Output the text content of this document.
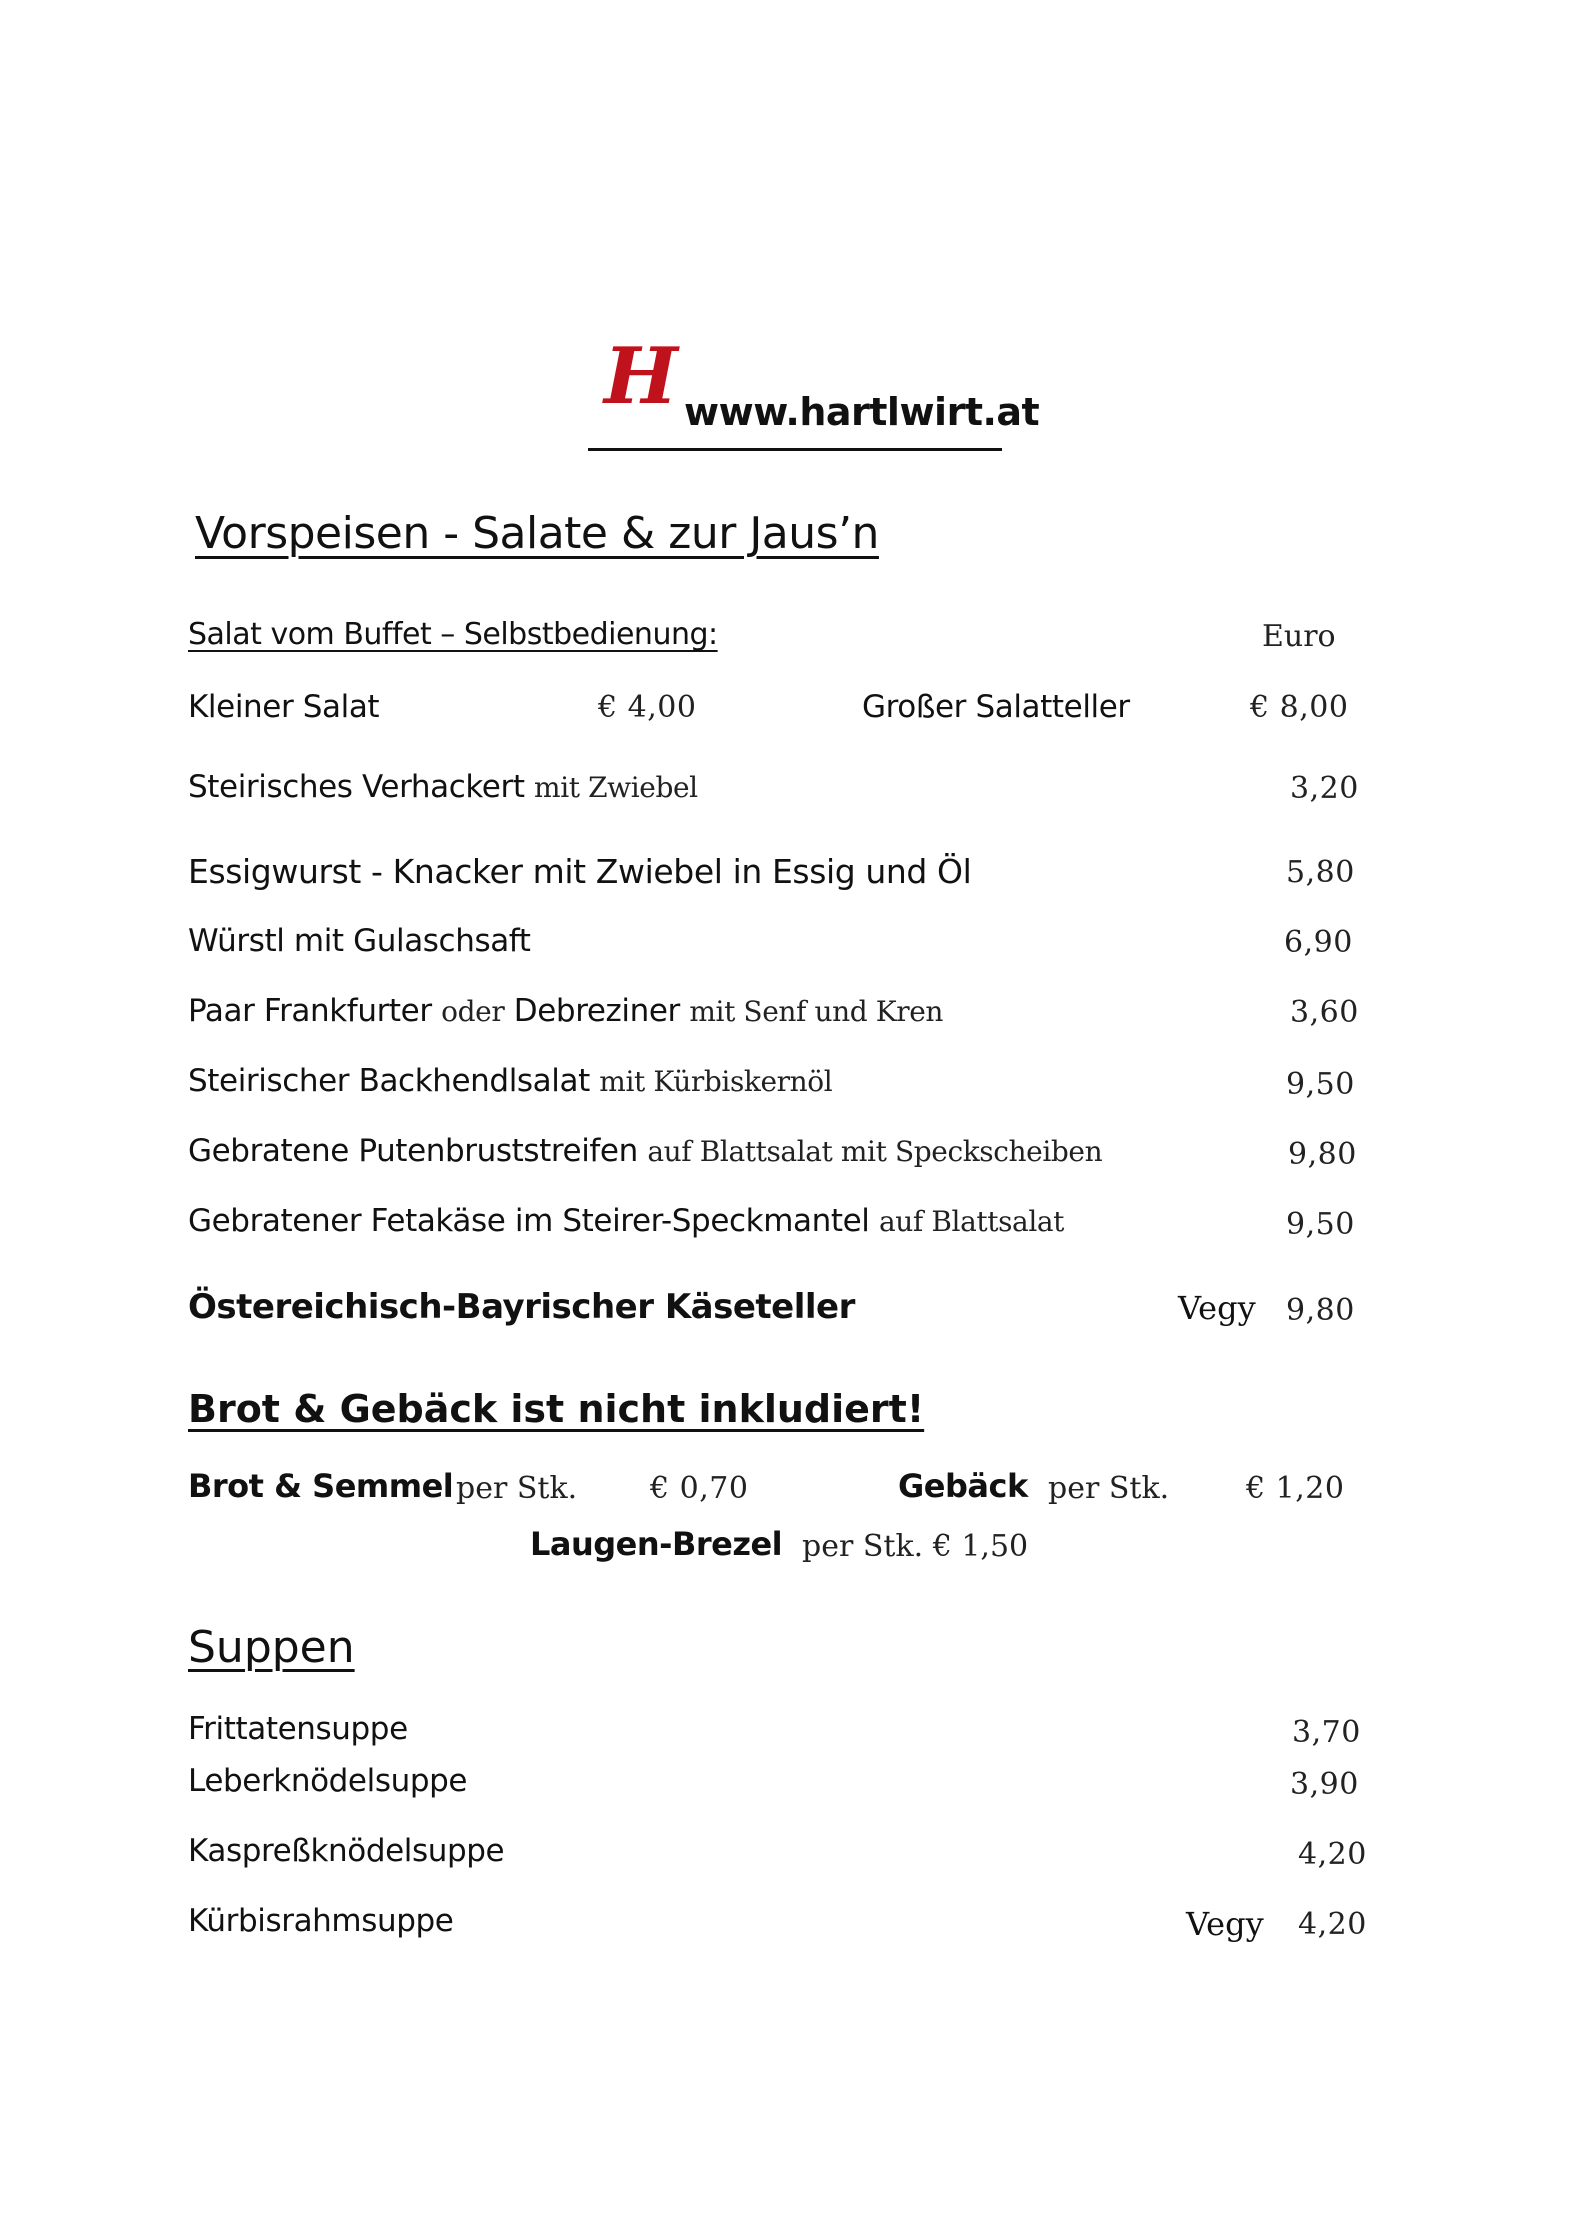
H www.hartlwirt.at
Vorspeisen - Salate & zur Jaus’n
Salat vom Buffet – Selbstbedienung:	Euro
Kleiner Salat	€ 4,00	Großer Salatteller	€ 8,00
Steirisches Verhackert mit Zwiebel	3,20
Essigwurst - Knacker mit Zwiebel in Essig und Öl	5,80
Würstl mit Gulaschsaft	6,90
Paar Frankfurter oder Debreziner mit Senf und Kren	3,60
Steirischer Backhendlsalat mit Kürbiskernöl	9,50
Gebratene Putenbruststreifen auf Blattsalat mit Speckscheiben	9,80
Gebratener Fetakäse im Steirer-Speckmantel auf Blattsalat	9,50
Östereichisch-Bayrischer Käseteller	Vegy 9,80
Brot & Gebäck ist nicht inkludiert!
Brot & Semmel per Stk. € 0,70	Gebäck per Stk.	€ 1,20
Laugen-Brezel per Stk. € 1,50
Suppen
Frittatensuppe	3,70
Leberknödelsuppe	3,90
Kaspreßknödelsuppe	4,20
Kürbisrahmsuppe	Vegy 4,20
